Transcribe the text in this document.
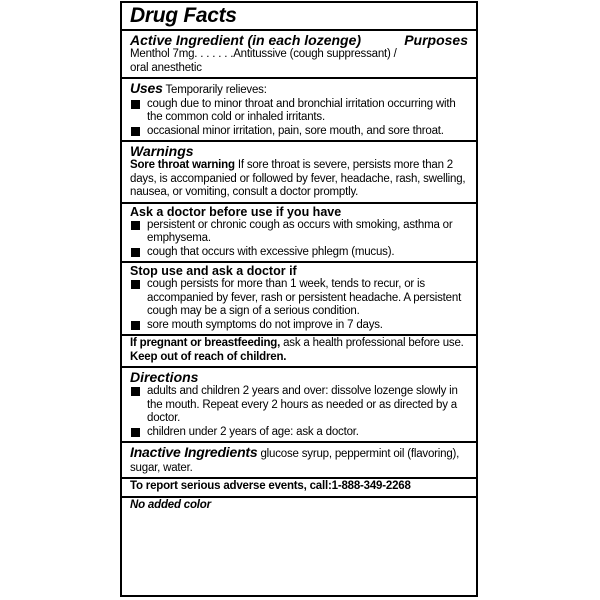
Drug Facts
Active Ingredient (in each lozenge)	Purposes
Menthol 7mg. . . . . . .Antitussive (cough suppressant) /
oral anesthetic
Uses Temporarily relieves:
cough due to minor throat and bronchial irritation occurring with the common cold or inhaled irritants.
occasional minor irritation, pain, sore mouth, and sore throat.
Warnings
Sore throat warning If sore throat is severe, persists more than 2 days, is accompanied or followed by fever, headache, rash, swelling, nausea, or vomiting, consult a doctor promptly.
Ask a doctor before use if you have
persistent or chronic cough as occurs with smoking, asthma or emphysema.
cough that occurs with excessive phlegm (mucus).
Stop use and ask a doctor if
cough persists for more than 1 week, tends to recur, or is accompanied by fever, rash or persistent headache. A persistent cough may be a sign of a serious condition.
sore mouth symptoms do not improve in 7 days.
If pregnant or breastfeeding, ask a health professional before use.
Keep out of reach of children.
Directions
adults and children 2 years and over: dissolve lozenge slowly in the mouth. Repeat every 2 hours as needed or as directed by a doctor.
children under 2 years of age: ask a doctor.
Inactive Ingredients glucose syrup, peppermint oil (flavoring), sugar, water.
To report serious adverse events, call:1-888-349-2268
No added color
